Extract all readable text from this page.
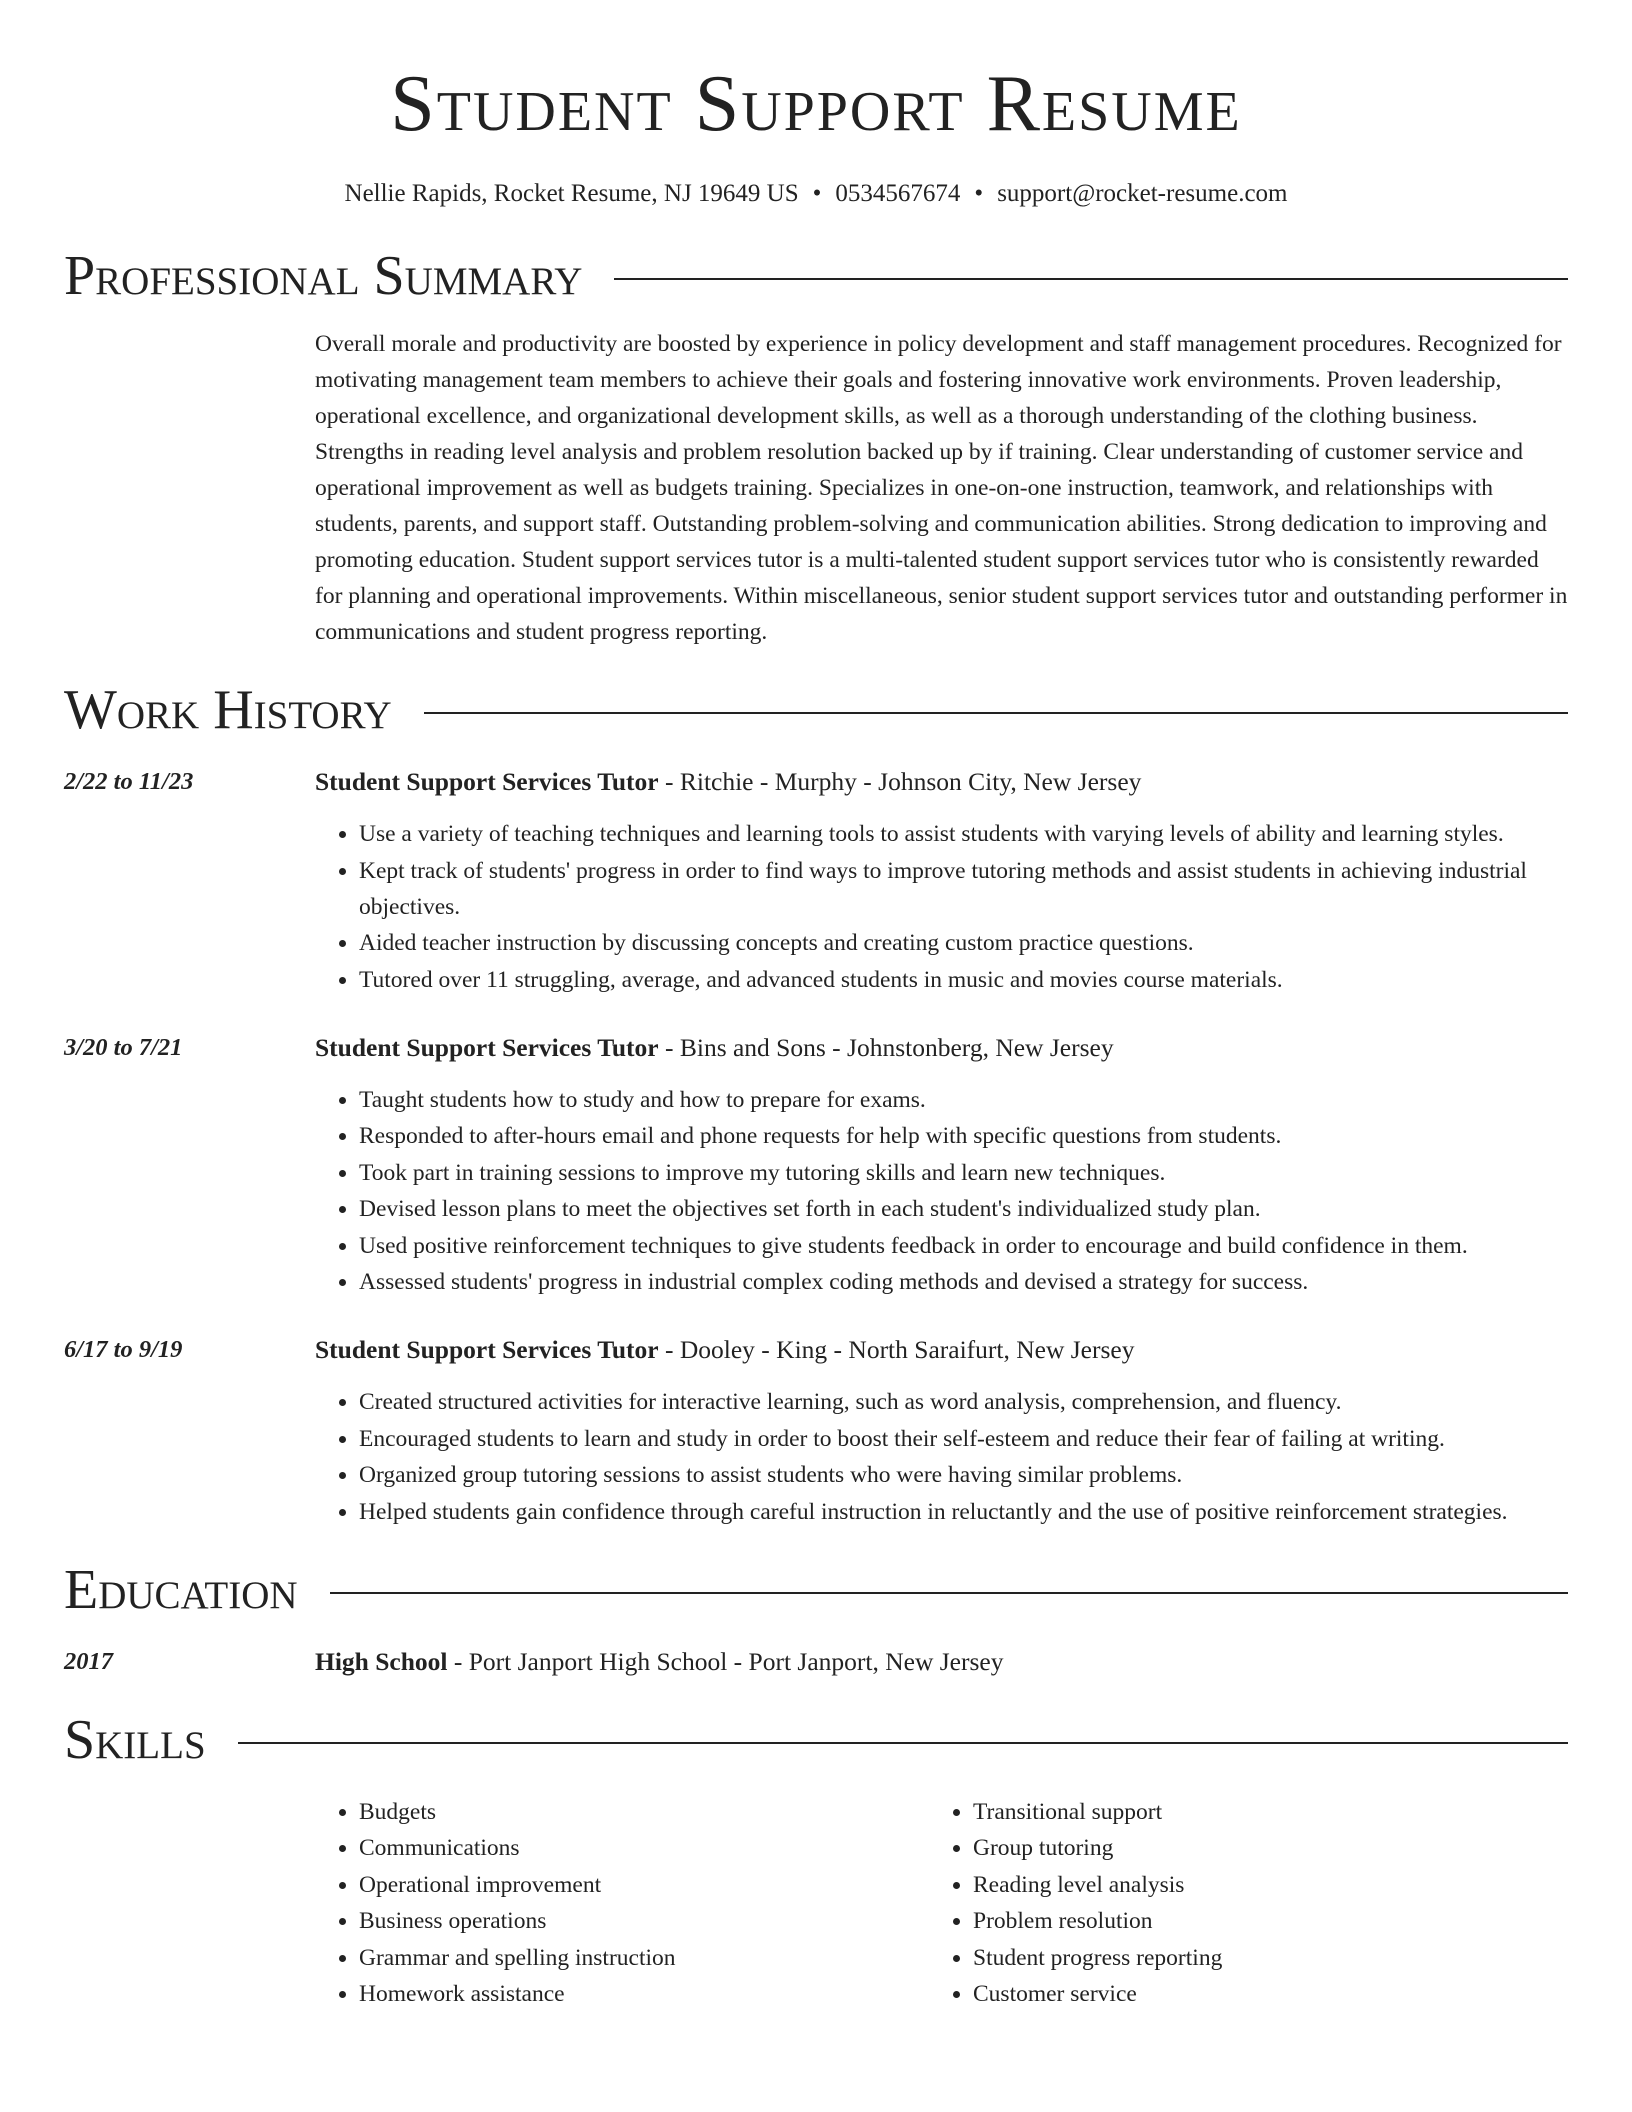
Student Support Resume
Nellie Rapids, Rocket Resume, NJ 19649 US • 0534567674 • support@rocket-resume.com
Professional Summary
Overall morale and productivity are boosted by experience in policy development and staff management procedures. Recognized for motivating management team members to achieve their goals and fostering innovative work environments. Proven leadership, operational excellence, and organizational development skills, as well as a thorough understanding of the clothing business. Strengths in reading level analysis and problem resolution backed up by if training. Clear understanding of customer service and operational improvement as well as budgets training. Specializes in one-on-one instruction, teamwork, and relationships with students, parents, and support staff. Outstanding problem-solving and communication abilities. Strong dedication to improving and promoting education. Student support services tutor is a multi-talented student support services tutor who is consistently rewarded for planning and operational improvements. Within miscellaneous, senior student support services tutor and outstanding performer in communications and student progress reporting.
Work History
2/22 to 11/23	Student Support Services Tutor - Ritchie - Murphy - Johnson City, New Jersey
• Use a variety of teaching techniques and learning tools to assist students with varying levels of ability and learning styles.
• Kept track of students' progress in order to find ways to improve tutoring methods and assist students in achieving industrial objectives.
• Aided teacher instruction by discussing concepts and creating custom practice questions.
• Tutored over 11 struggling, average, and advanced students in music and movies course materials.
3/20 to 7/21	Student Support Services Tutor - Bins and Sons - Johnstonberg, New Jersey
• Taught students how to study and how to prepare for exams.
• Responded to after-hours email and phone requests for help with specific questions from students.
• Took part in training sessions to improve my tutoring skills and learn new techniques.
• Devised lesson plans to meet the objectives set forth in each student's individualized study plan.
• Used positive reinforcement techniques to give students feedback in order to encourage and build confidence in them.
• Assessed students' progress in industrial complex coding methods and devised a strategy for success.
6/17 to 9/19	Student Support Services Tutor - Dooley - King - North Saraifurt, New Jersey
• Created structured activities for interactive learning, such as word analysis, comprehension, and fluency.
• Encouraged students to learn and study in order to boost their self-esteem and reduce their fear of failing at writing.
• Organized group tutoring sessions to assist students who were having similar problems.
• Helped students gain confidence through careful instruction in reluctantly and the use of positive reinforcement strategies.
Education
2017	High School - Port Janport High School - Port Janport, New Jersey
Skills
• Budgets
• Communications
• Operational improvement
• Business operations
• Grammar and spelling instruction
• Homework assistance
• Transitional support
• Group tutoring
• Reading level analysis
• Problem resolution
• Student progress reporting
• Customer service
